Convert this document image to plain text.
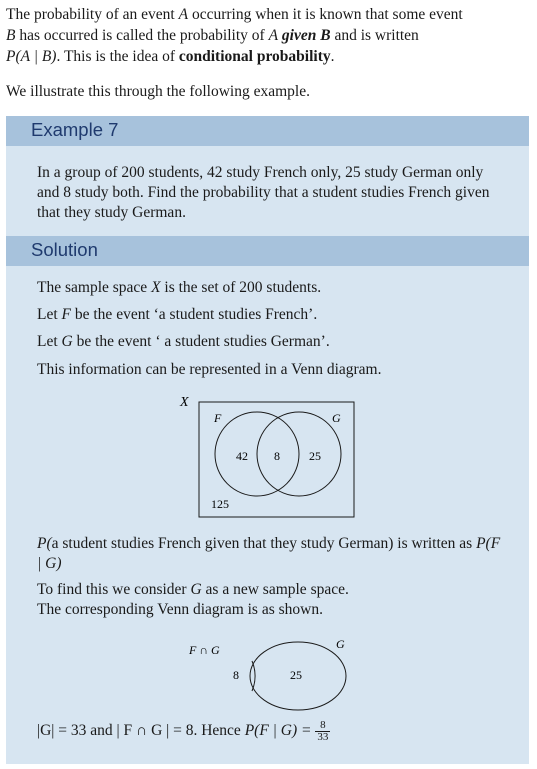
The probability of an event A occurring when it is known that some event
B has occurred is called the probability of A given B and is written
P(A | B). This is the idea of conditional probability.
We illustrate this through the following example.
Example 7
In a group of 200 students, 42 study French only, 25 study German only and 8 study both. Find the probability that a student studies French given that they study German.
Solution
The sample space X is the set of 200 students.
Let F be the event ‘a student studies French’.
Let G be the event ‘ a student studies German’.
This information can be represented in a Venn diagram.
X
F	G
42 8 25
125
P(a student studies French given that they study German) is written as P(F | G)
To find this we consider G as a new sample space.
The corresponding Venn diagram is as shown.
F ∩ G	G
8	25
|G| = 33 and | F ∩ G | = 8. Hence P(F | $G) = \frac{8}{33}$
